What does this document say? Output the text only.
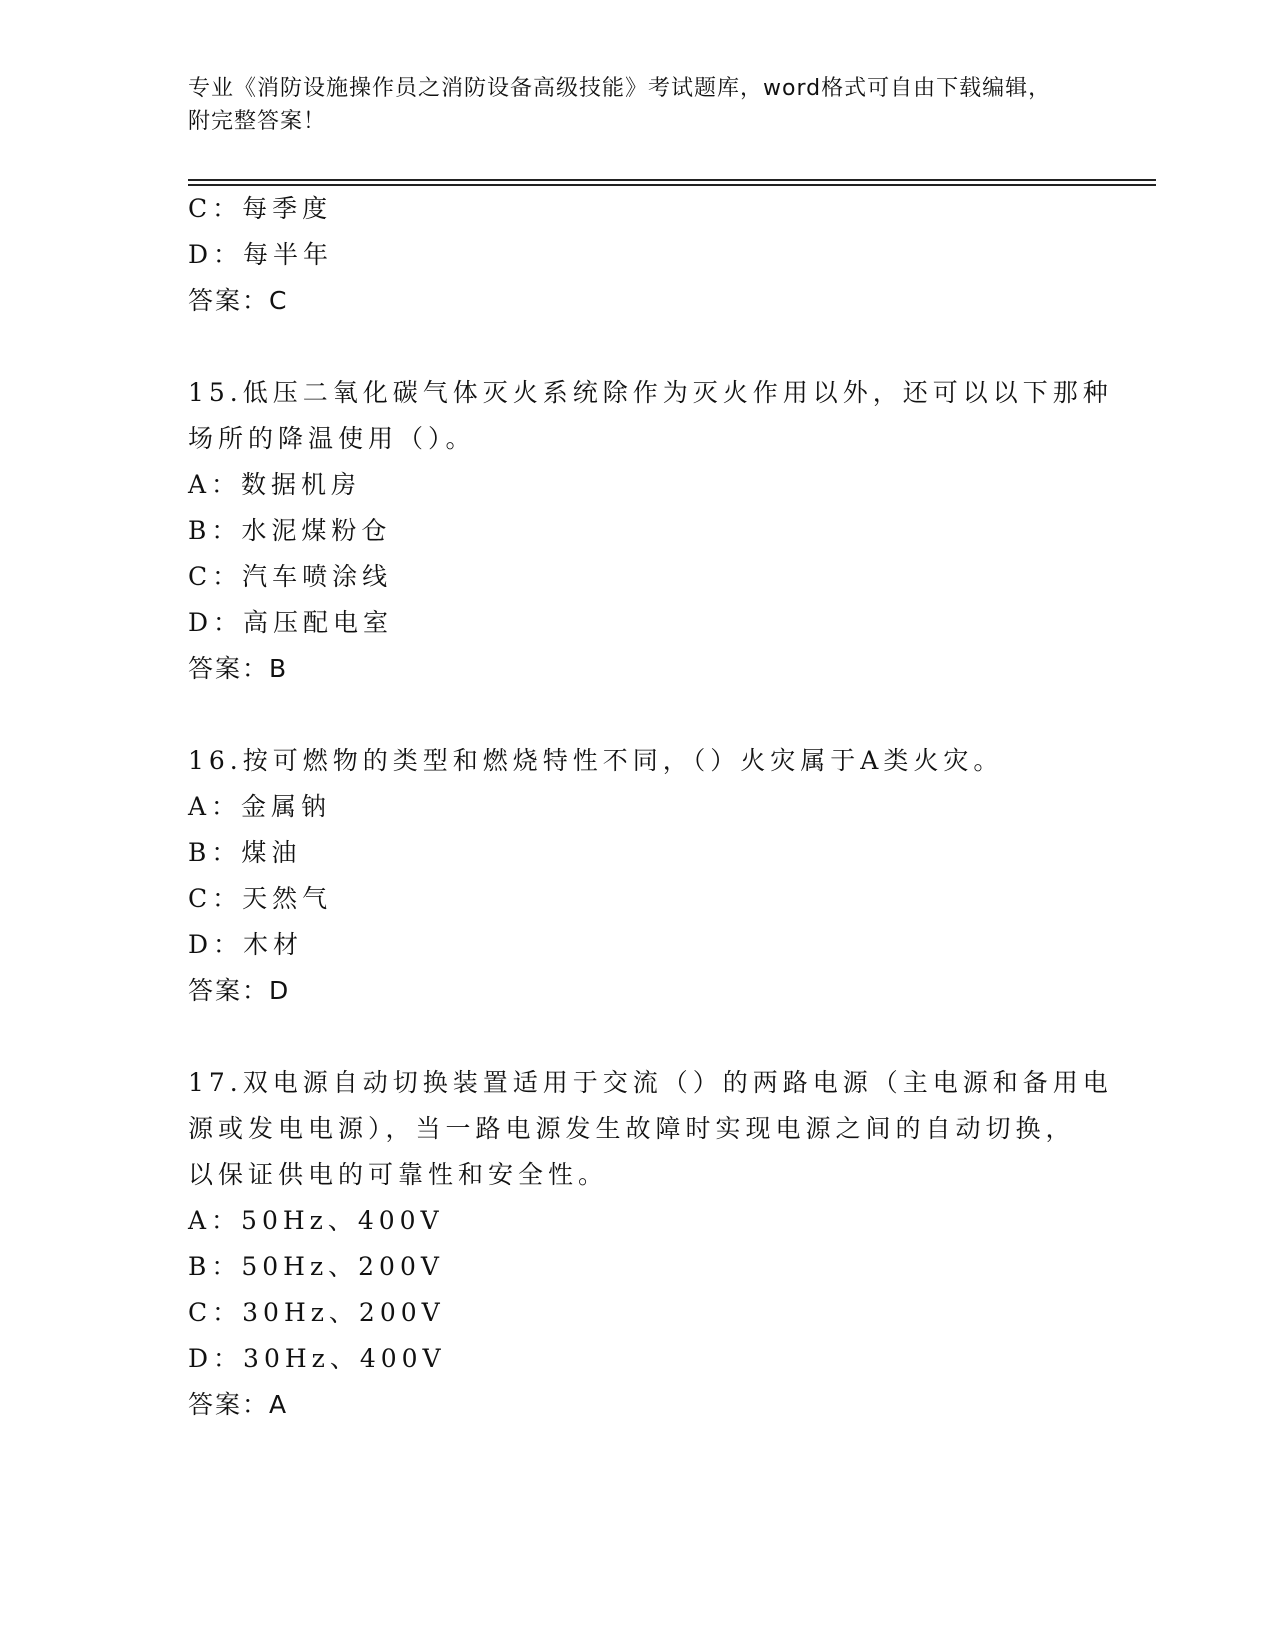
专业《消防设施操作员之消防设备高级技能》考试题库，word格式可自由下载编辑，附完整答案！
C：每季度
D：每半年
答案：C
15.低压二氧化碳气体灭火系统除作为灭火作用以外，还可以以下那种
场所的降温使用（）。
A：数据机房
B：水泥煤粉仓
C：汽车喷涂线
D：高压配电室
答案：B
16.按可燃物的类型和燃烧特性不同，（）火灾属于A类火灾。
A：金属钠
B：煤油
C：天然气
D：木材
答案：D
17.双电源自动切换装置适用于交流（）的两路电源（主电源和备用电
源或发电电源），当一路电源发生故障时实现电源之间的自动切换，
以保证供电的可靠性和安全性。
A：50Hz、400V
B：50Hz、200V
C：30Hz、200V
D：30Hz、400V
答案：A
